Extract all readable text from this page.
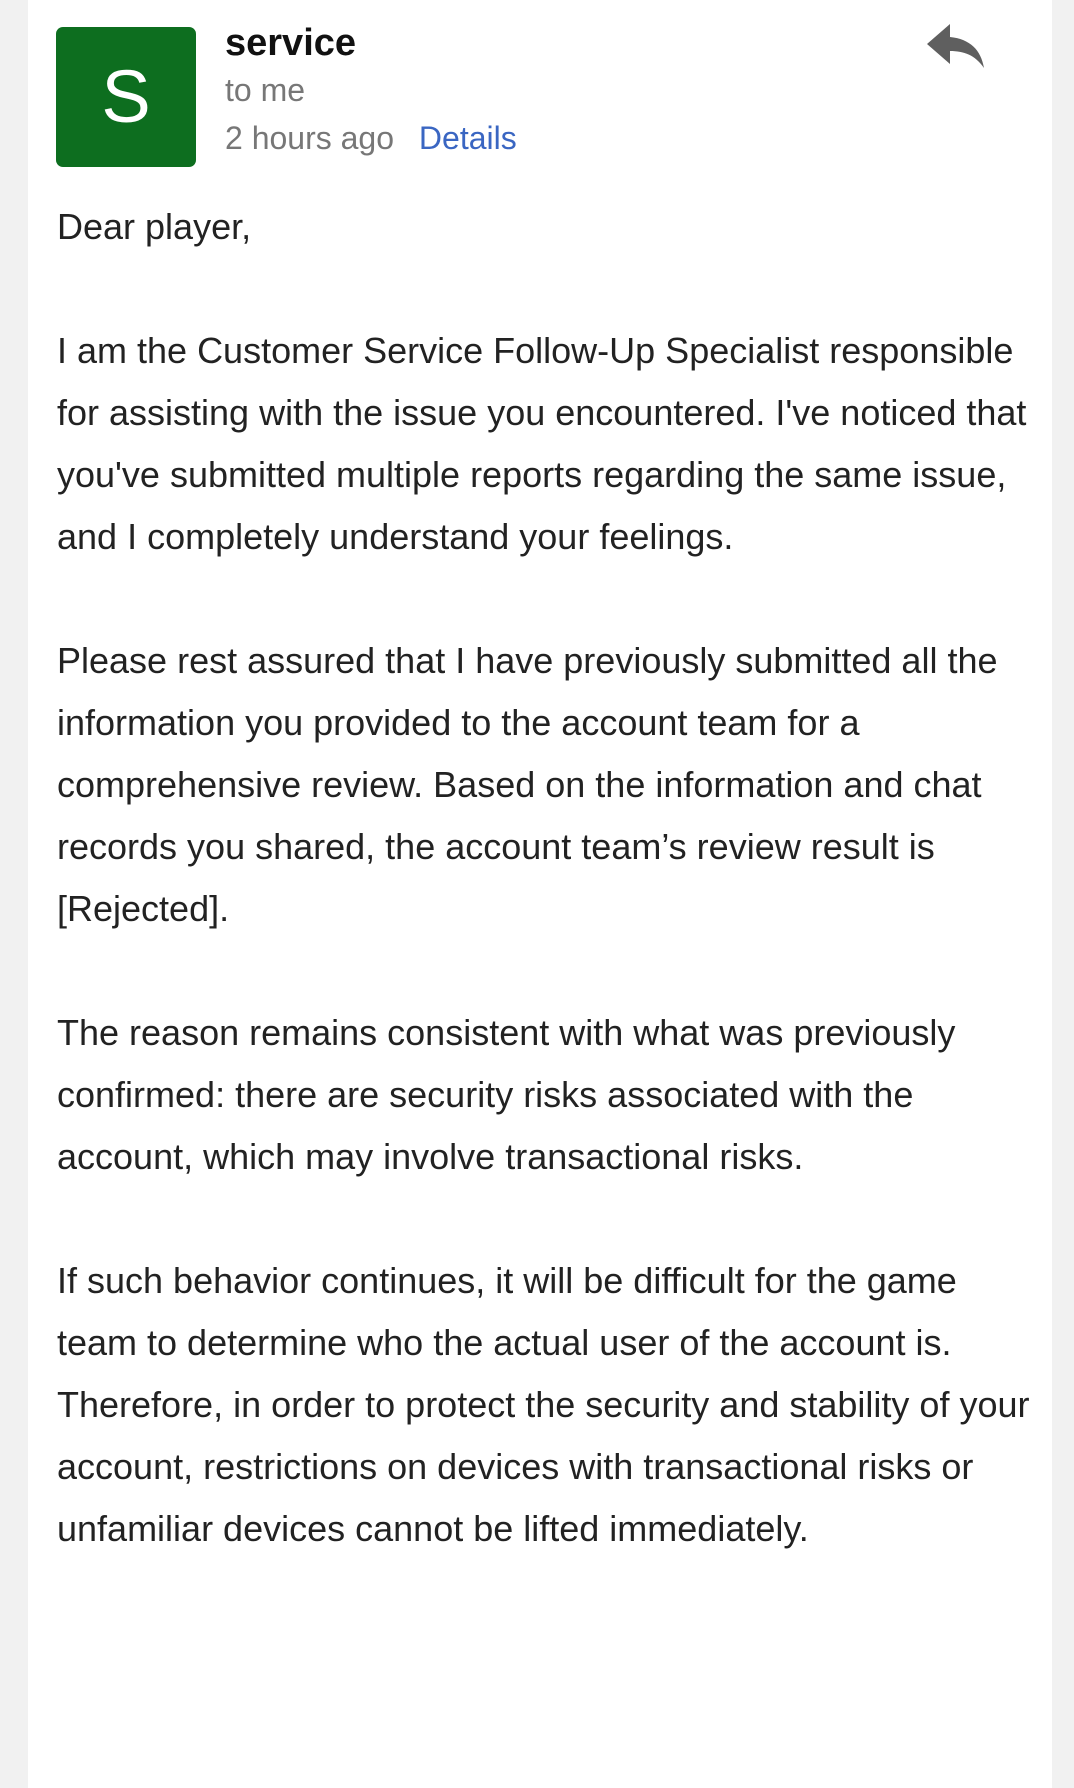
S
service
to me
2 hours ago Details

Dear player,

I am the Customer Service Follow-Up Specialist responsible for assisting with the issue you encountered. I've noticed that you've submitted multiple reports regarding the same issue, and I completely understand your feelings.

Please rest assured that I have previously submitted all the information you provided to the account team for a comprehensive review. Based on the information and chat records you shared, the account team’s review result is [Rejected].

The reason remains consistent with what was previously confirmed: there are security risks associated with the account, which may involve transactional risks.

If such behavior continues, it will be difficult for the game team to determine who the actual user of the account is. Therefore, in order to protect the security and stability of your account, restrictions on devices with transactional risks or unfamiliar devices cannot be lifted immediately.
